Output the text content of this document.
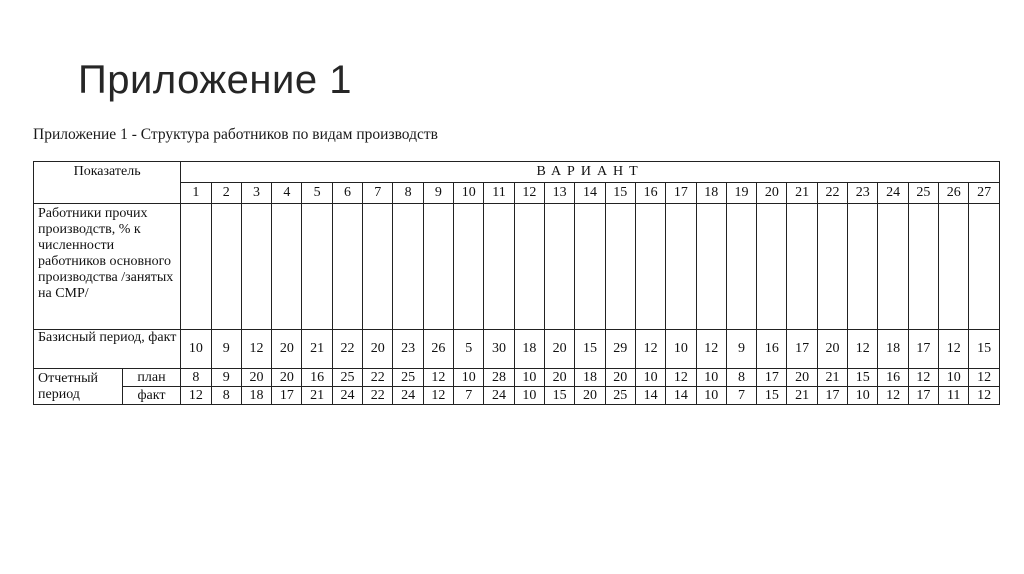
Приложение 1
Приложение 1 - Структура работников по видам производств
Показатель		ВАРИАНТ																										
		1	2	3	4	5	6	7	8	9	10	11	12	13	14	15	16	17	18	19	20	21	22	23	24	25	26	27
Работники прочих производств, % к численности работников основного производства /занятых на СМР/																												
Базисный период, факт		10	9	12	20	21	22	20	23	26	5	30	18	20	15	29	12	10	12	9	16	17	20	12	18	17	12	15
Отчетный период	план	8	9	20	20	16	25	22	25	12	10	28	10	20	18	20	10	12	10	8	17	20	21	15	16	12	10	12
	факт	12	8	18	17	21	24	22	24	12	7	24	10	15	20	25	14	14	10	7	15	21	17	10	12	17	11	12
